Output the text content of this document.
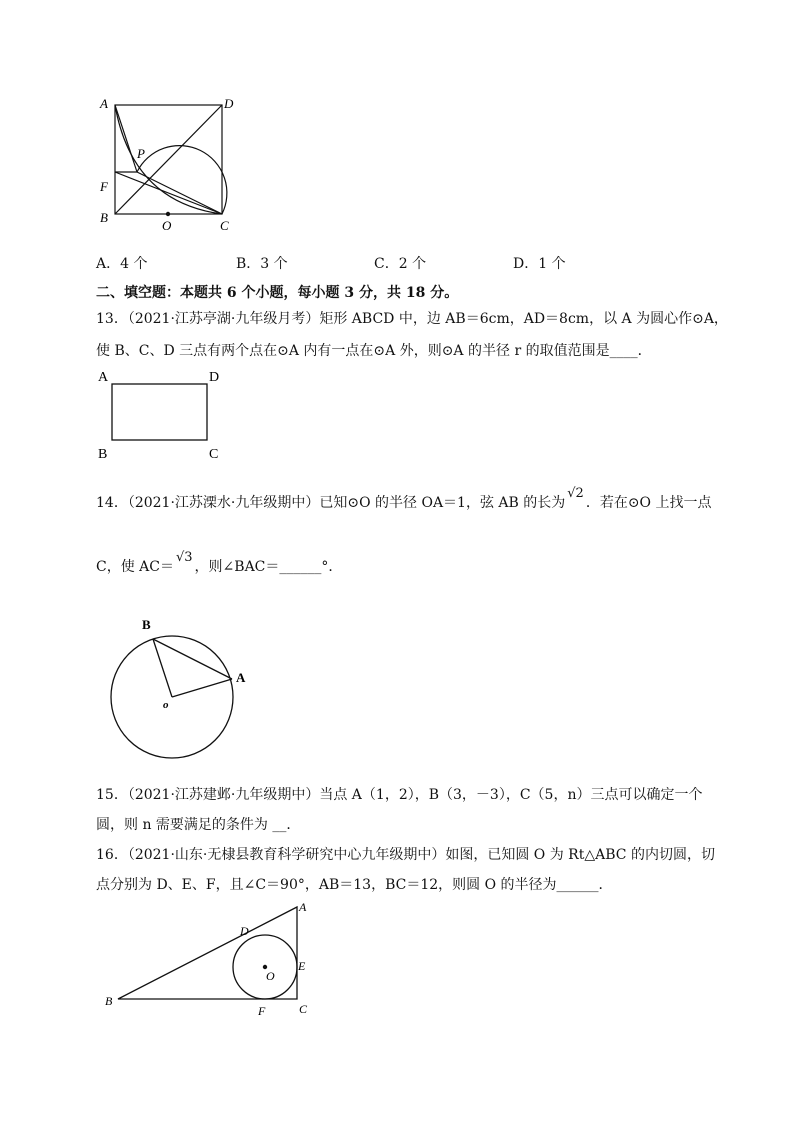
A	D
P
F
B
O	C
A．4 个	B．3 个	C．2 个	D．1 个
二、填空题：本题共 6 个小题，每小题 3 分，共 18 分。
13．（2021·江苏亭湖·九年级月考）矩形 ABCD 中，边 AB＝6cm，AD＝8cm，以 A 为圆心作⊙A，
使 B、C、D 三点有两个点在⊙A 内有一点在⊙A 外，则⊙A 的半径 r 的取值范围是____．
A	D
B	C
14．（2021·江苏溧水·九年级期中）已知⊙O 的半径 OA＝1，弦 AB 的长为√2．若在⊙O 上找一点
C，使 AC＝√3，则∠BAC＝______°．
B
A
o
15．（2021·江苏建邺·九年级期中）当点 A（1，2），B（3，－3），C（5，n）三点可以确定一个
圆，则 n 需要满足的条件为 __．
16．（2021·山东·无棣县教育科学研究中心九年级期中）如图，已知圆 O 为 Rt△ABC 的内切圆，切
点分别为 D、E、F，且∠C＝90°，AB＝13，BC＝12，则圆 O 的半径为______．
A
D
E
O
B
F	C
